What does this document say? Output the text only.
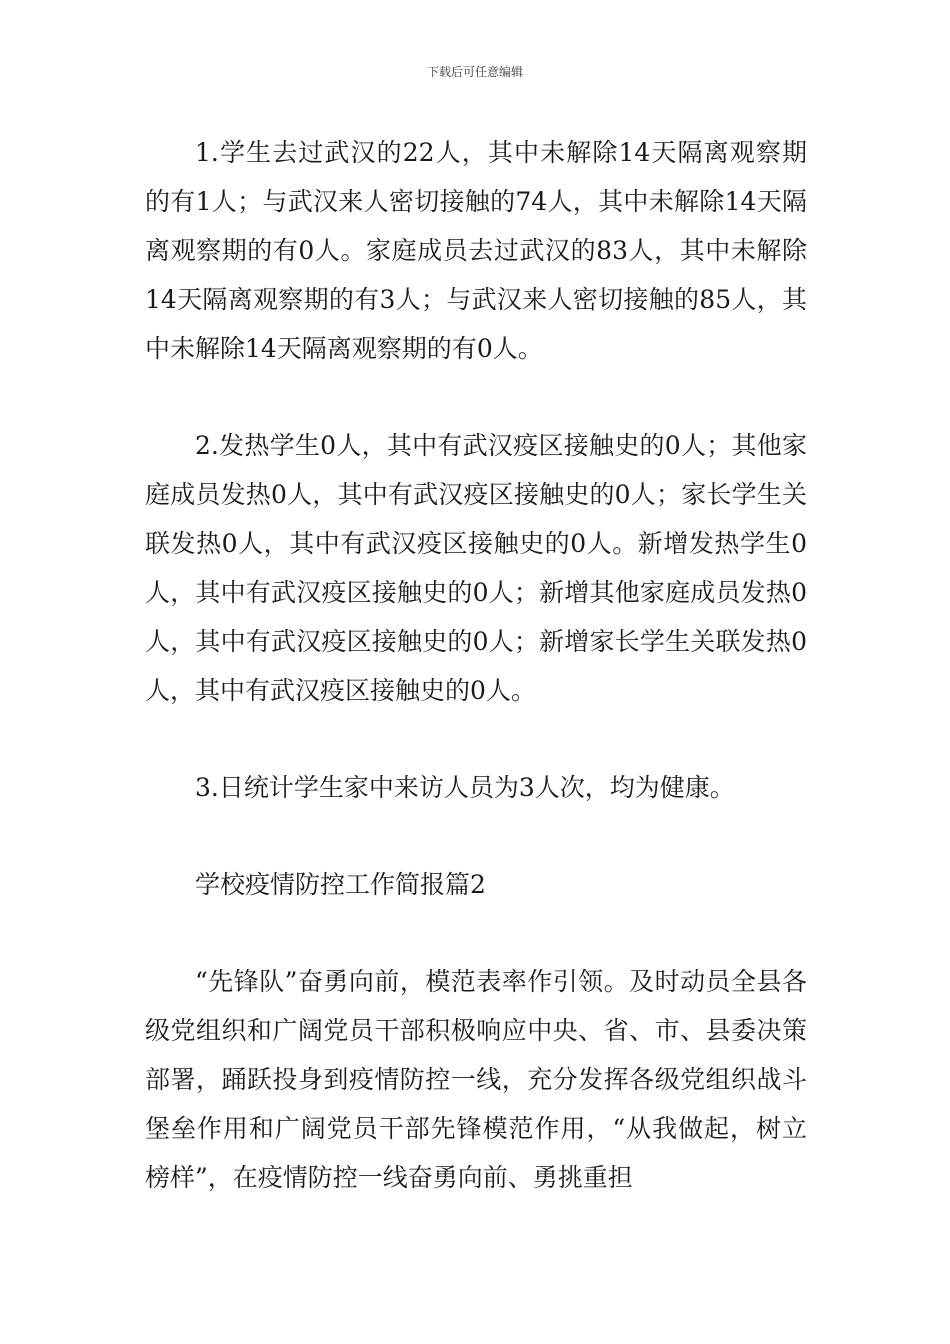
下载后可任意编辑

1.学生去过武汉的22人，其中未解除14天隔离观察期的有1人；与武汉来人密切接触的74人，其中未解除14天隔离观察期的有0人。家庭成员去过武汉的83人，其中未解除14天隔离观察期的有3人；与武汉来人密切接触的85人，其中未解除14天隔离观察期的有0人。

2.发热学生0人，其中有武汉疫区接触史的0人；其他家庭成员发热0人，其中有武汉疫区接触史的0人；家长学生关联发热0人，其中有武汉疫区接触史的0人。新增发热学生0人，其中有武汉疫区接触史的0人；新增其他家庭成员发热0人，其中有武汉疫区接触史的0人；新增家长学生关联发热0人，其中有武汉疫区接触史的0人。

3.日统计学生家中来访人员为3人次，均为健康。

学校疫情防控工作简报篇2

“先锋队”奋勇向前，模范表率作引领。及时动员全县各级党组织和广阔党员干部积极响应中央、省、市、县委决策部署，踊跃投身到疫情防控一线，充分发挥各级党组织战斗堡垒作用和广阔党员干部先锋模范作用，“从我做起，树立榜样”，在疫情防控一线奋勇向前、勇挑重担
